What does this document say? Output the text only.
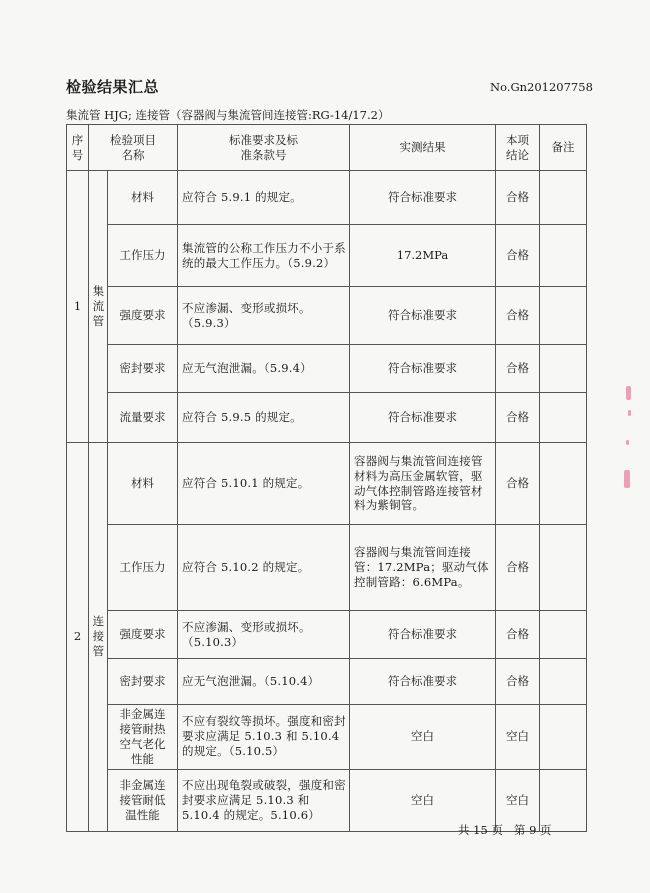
检验结果汇总	No.Gn201207758
集流管 HJG; 连接管（容器阀与集流管间连接管:RG-14/17.2）
序号	检验项目名称		标准要求及标准条款号	实测结果	本项结论	备注
1	集流管	材料	应符合 5.9.1 的规定。	符合标准要求	合格	
		工作压力	集流管的公称工作压力不小于系统的最大工作压力。（5.9.2）	17.2MPa	合格	
		强度要求	不应渗漏、变形或损坏。（5.9.3）	符合标准要求	合格	
		密封要求	应无气泡泄漏。（5.9.4）	符合标准要求	合格	
		流量要求	应符合 5.9.5 的规定。	符合标准要求	合格	
2	连接管	材料	应符合 5.10.1 的规定。	容器阀与集流管间连接管材料为高压金属软管，驱动气体控制管路连接管材料为紫铜管。	合格	
		工作压力	应符合 5.10.2 的规定。	容器阀与集流管间连接管：17.2MPa；驱动气体控制管路：6.6MPa。	合格	
		强度要求	不应渗漏、变形或损坏。（5.10.3）	符合标准要求	合格	
		密封要求	应无气泡泄漏。（5.10.4）	符合标准要求	合格	
		非金属连接管耐热空气老化性能	不应有裂纹等损坏。强度和密封要求应满足 5.10.3 和 5.10.4 的规定。（5.10.5）	空白	空白	
		非金属连接管耐低温性能	不应出现龟裂或破裂，强度和密封要求应满足 5.10.3 和 5.10.4 的规定。5.10.6）	空白	空白	
共 15 页   第 9 页
